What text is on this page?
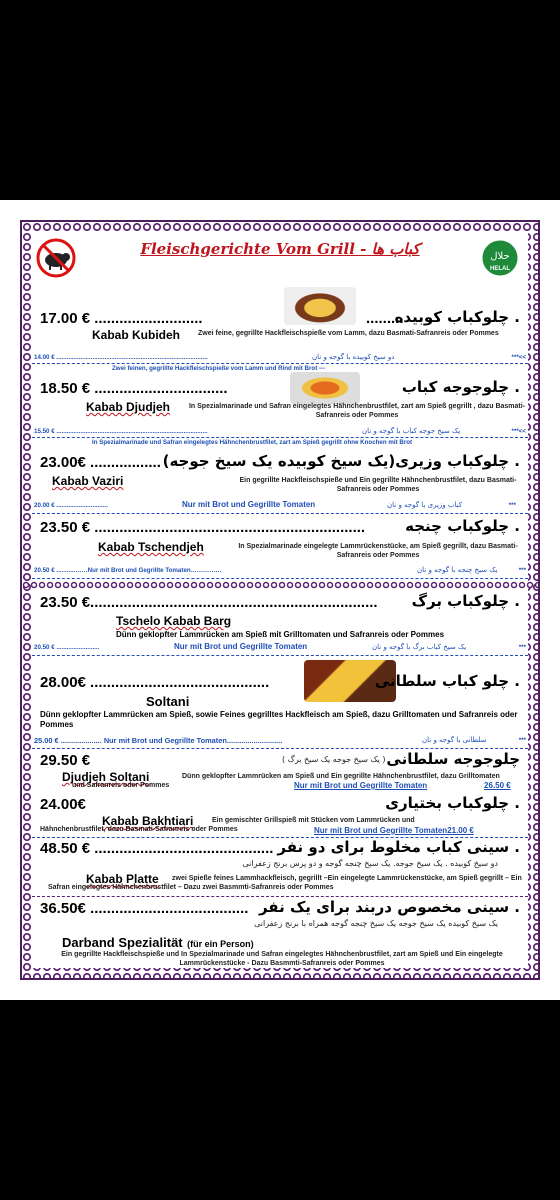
Fleischgerichte Vom Grill - کباب ها	حلال
HELAL
17.00 € ..........................	.........
. چلوکباب کوبیده
Kabab Kubideh	Zwei feine, gegrillte Hackfleischspieße vom Lamm, dazu Basmati-Safranreis oder Pommes
14.00 € ........................................................................................	دو سیخ کوبیده با گوجه و نان	***<<
Zwei feinen, gegrillte Hackfleischspieße vom Lamm und Rind mit Brot ---
18.50 € ................................	. چلوجوجه کباب
Kabab Djudjeh	In Spezialmarinade und Safran eingelegtes Hähnchenbrustfilet, zart am Spieß gegrillt , dazu Basmati-Safranreis oder Pommes
15.50 € ........................................................................................	یک سیخ جوجه کباب با گوجه و نان	***<<
In Spezialmarinade und Safran eingelegtes Hähnchenbrustfilet, zart am Spieß gegrillt ohne Knochen mit Brot
23.00€ ................. . چلوکباب وزیری(یک سیخ کوبیده یک سیخ جوجه)
Kabab Vaziri	Ein gegrillte Hackfleischspieße und Ein gegrillte Hähnchenbrustfilet, dazu Basmati-Safranreis oder Pommes
20.00 € ..............................	Nur mit Brot und Gegrillte Tomaten	کباب وزیری با گوجه و نان	***
23.50 € .................................................................	. چلوکباب چنجه
Kabab Tschendjeh	In Spezialmarinade eingelegte Lammrückenstücke, am Spieß gegrillt, dazu Basmati-Safranreis oder Pommes
20.50 € ...........……Nur mit Brot und Gegrillte Tomaten……………	یک سیخ چنجه با گوجه و نان	***
23.50 €..................................................................... . چلوکباب برگ
Tschelo Kabab Barg
Dünn geklopfter Lammrücken am Spieß mit Grilltomaten und Safranreis oder Pommes
20.50 € .........................	Nur mit Brot und Gegrillte Tomaten	یک سیخ کباب برگ با گوجه و نان	***
28.00€ ...........................................	. چلو کباب سلطانی
Soltani
Dünn geklopfter Lammrücken am Spieß, sowie Feines gegrilltes Hackfleisch am Spieß, dazu Grilltomaten und Safranreis oder Pommes
25.00 € .................... Nur mit Brot und Gegrillte Tomaten...........................	سلطانی با گوجه و نان	***
29.50 €	( یک سیخ جوجه یک سیخ برگ ) چلوجوجه سلطانی
Djudjeh Soltani	Dünn geklopfter Lammrücken am Spieß und Ein gegrillte Hähnchenbrustfilet, dazu Grilltomaten und Safranreis oder Pommes	Nur mit Brot und Gegrillte Tomaten	26.50 €
24.00€	. چلوکباب بختیاری
Kabab Bakhtiari	Ein gemischter Grillspieß mit Stücken vom Lammrücken und Hähnchenbrustfilet, dazu Basmati-Safranreis oder Pommes	Nur mit Brot und Gegrillte Tomaten21.00 €
48.50 € ........................................... . سینی کباب مخلوط برای دو نفر
دو سیخ کوبیده . یک سیخ جوجه. یک سیخ چنجه گوجه و دو پرس برنج زعفرانی
Kabab Platte	zwei Spieße feines Lammhackfleisch, gegrillt –Ein eingelegte Lammrückenstücke, am Spieß gegrillt – Ein Safran eingelegtes Hähnchenbrustfilet – Dazu zwei Basmmti-Safranreis oder Pommes
36.50€ ...................................... . سینی مخصوص دربند برای یک نفر
یک سیخ کوبیده یک سیخ جوجه یک سیخ چنجه گوجه همراه با برنج زعفرانی
Darband Spezialität (für ein Person)
Ein gegrillte Hackfleischspieße und In Spezialmarinade und Safran eingelegtes Hähnchenbrustfilet, zart am Spieß und Ein eingelegte Lammrückenstücke - Dazu Basmmti-Safranreis oder Pommes
